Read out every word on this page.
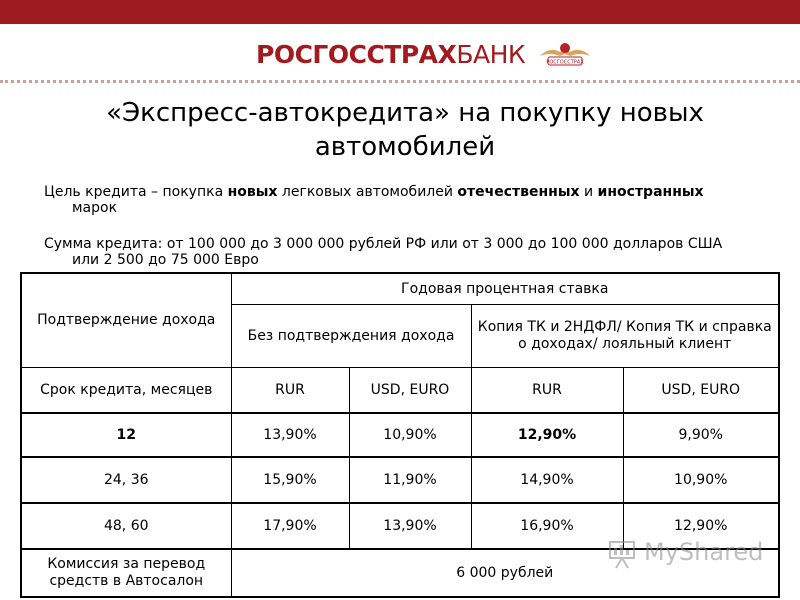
РОСГОССТРАХБАНК	РОСГОССТРАХ
«Экспресс-автокредита» на покупку новых автомобилей
Цель кредита – покупка новых легковых автомобилей отечественных и иностранных
марок
Сумма кредита: от 100 000 до 3 000 000 рублей РФ или от 3 000 до 100 000 долларов США
или 2 500 до 75 000 Евро
Подтверждение дохода	Годовая процентная ставка			
	Без подтверждения дохода		Копия ТК и 2НДФЛ/ Копия ТК и справка о доходах/ лояльный клиент	
Срок кредита, месяцев	RUR	USD, EURO	RUR	USD, EURO
12	13,90%	10,90%	12,90%	9,90%
24, 36	15,90%	11,90%	14,90%	10,90%
48, 60	17,90%	13,90%	16,90%	12,90%
Комиссия за перевод средств в Автосалон	6 000 рублей			
MyShared
